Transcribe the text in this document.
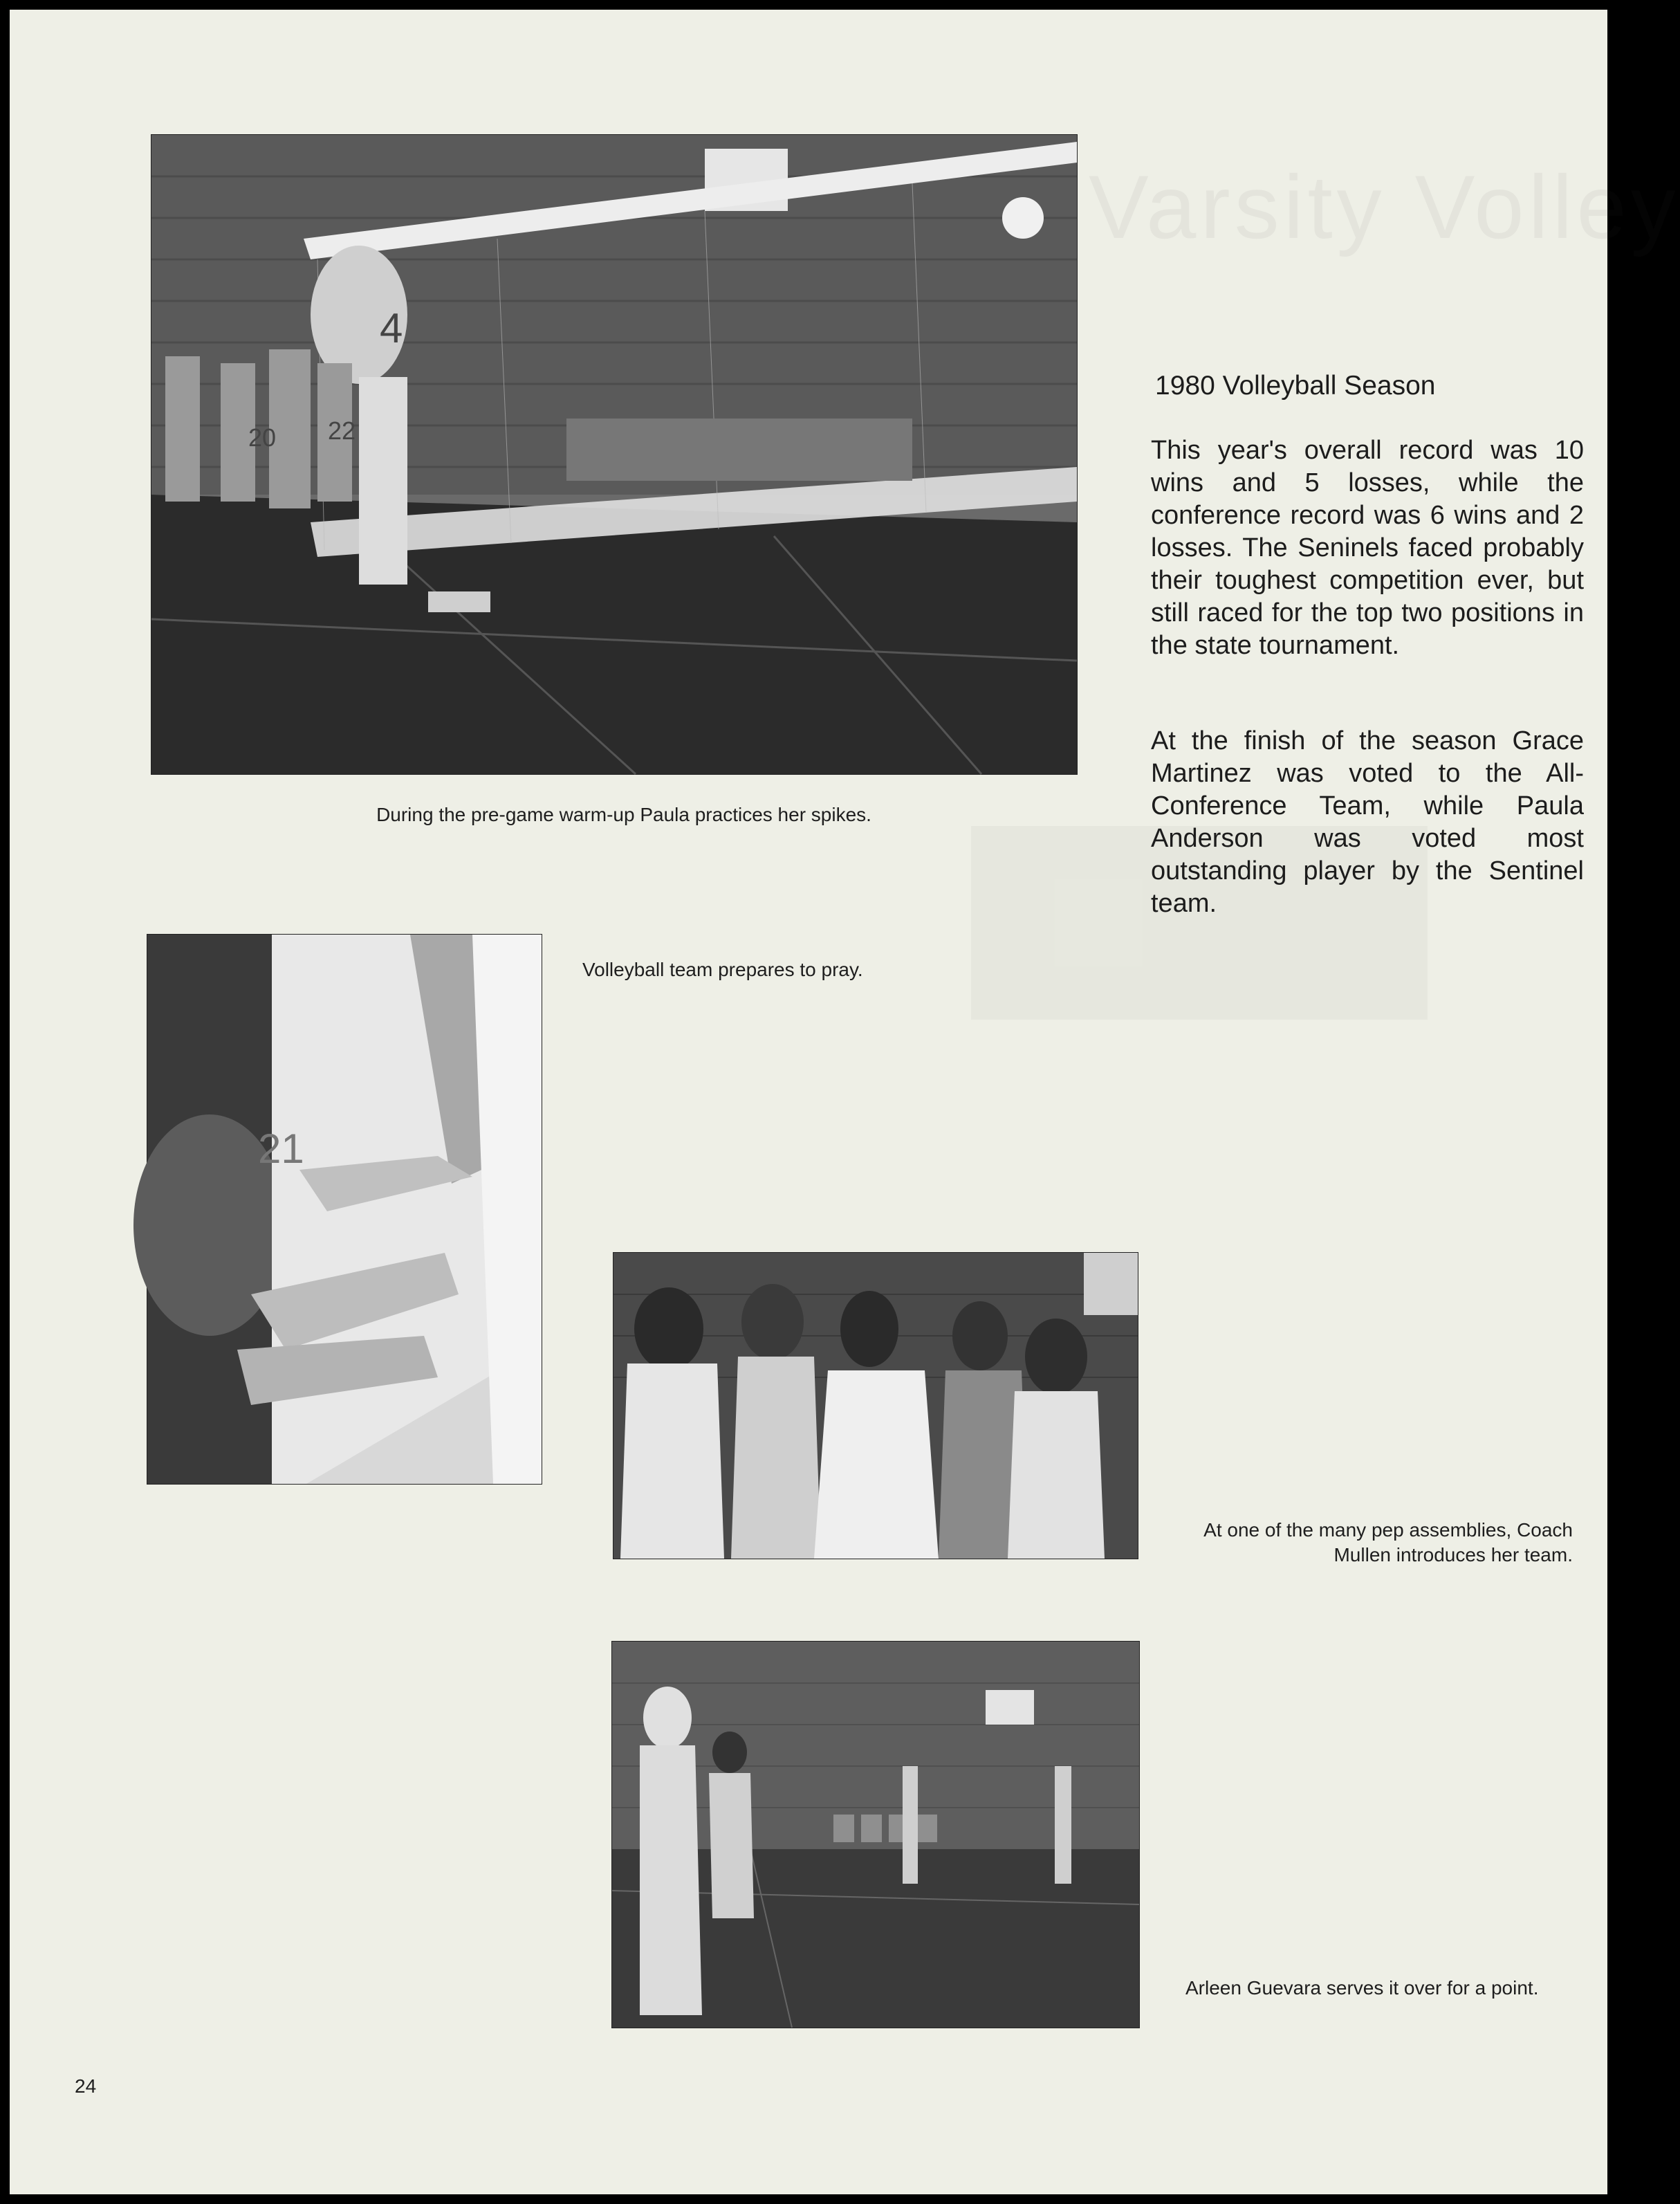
Varsity Volley
4
20 22

During the pre-game warm-up Paula practices her spikes.

21

Volleyball team prepares to pray.

At one of the many pep assemblies, Coach Mullen introduces her team.

Arleen Guevara serves it over for a point.

1980 Volleyball Season

This year's overall record was 10 wins and 5 losses, while the conference record was 6 wins and 2 losses. The Seninels faced probably their toughest competition ever, but still raced for the top two positions in the state tournament.

At the finish of the season Grace Martinez was voted to the All-Conference Team, while Paula Anderson was voted most outstanding player by the Sentinel team.

24
